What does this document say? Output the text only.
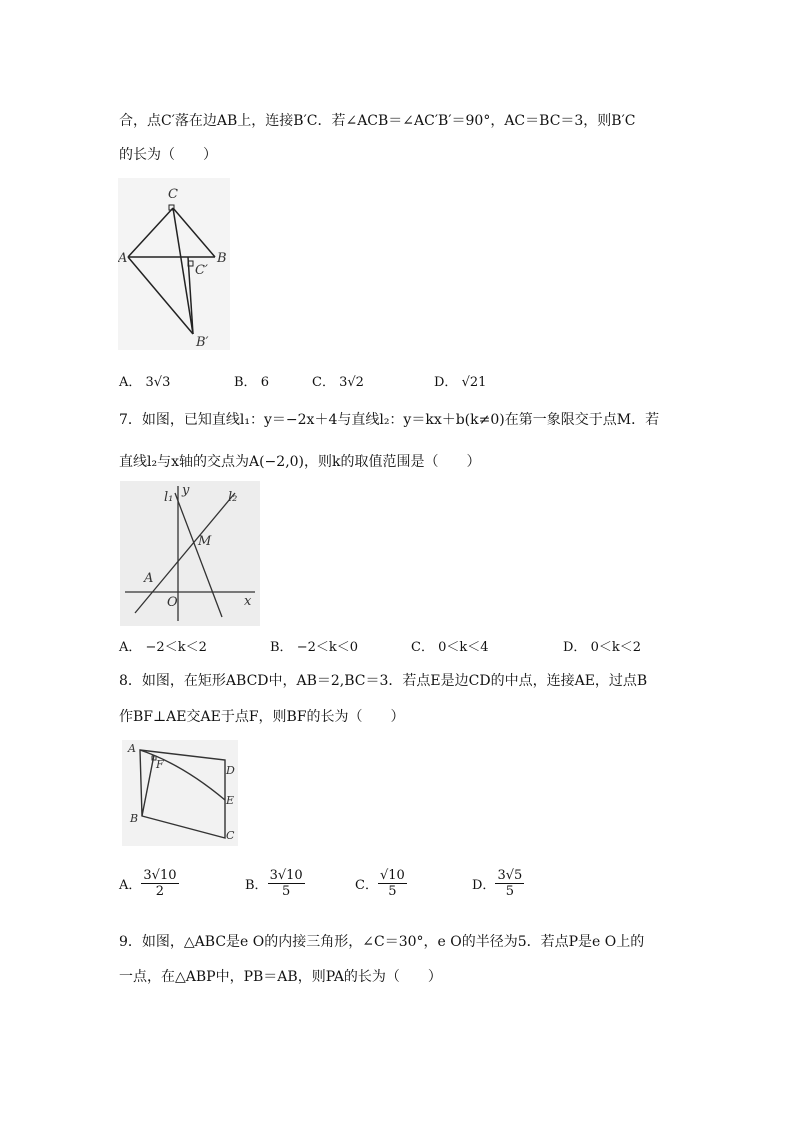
合，点C′落在边AB上，连接B′C．若∠ACB＝∠AC′B′＝90°，AC＝BC＝3，则B′C
的长为（　　）
C
A	B
C′
B′
A． 3√3	B． 6	C． 3√2	D． √21
7．如图，已知直线l₁：y＝−2x＋4与直线l₂：y＝kx＋b(k≠0)在第一象限交于点M．若
直线l₂与x轴的交点为A(−2,0)，则k的取值范围是（　　）
l₁ y	l₂
M
A
O	x
A． −2＜k＜2	B． −2＜k＜0	C． 0＜k＜4	D． 0＜k＜2
8．如图，在矩形ABCD中，AB＝2,BC＝3．若点E是边CD的中点，连接AE，过点B
作BF⊥AE交AE于点F，则BF的长为（　　）
A
F	D
E
B
C
A． $\frac{3√10}{2}$	B． $\frac{3√10}{5}$	C． $\frac{√10}{5}$	D． $\frac{3√5}{5}$
9．如图，△ABC是e O的内接三角形，∠C＝30°，e O的半径为5．若点P是e O上的
一点，在△ABP中，PB＝AB，则PA的长为（　　）
